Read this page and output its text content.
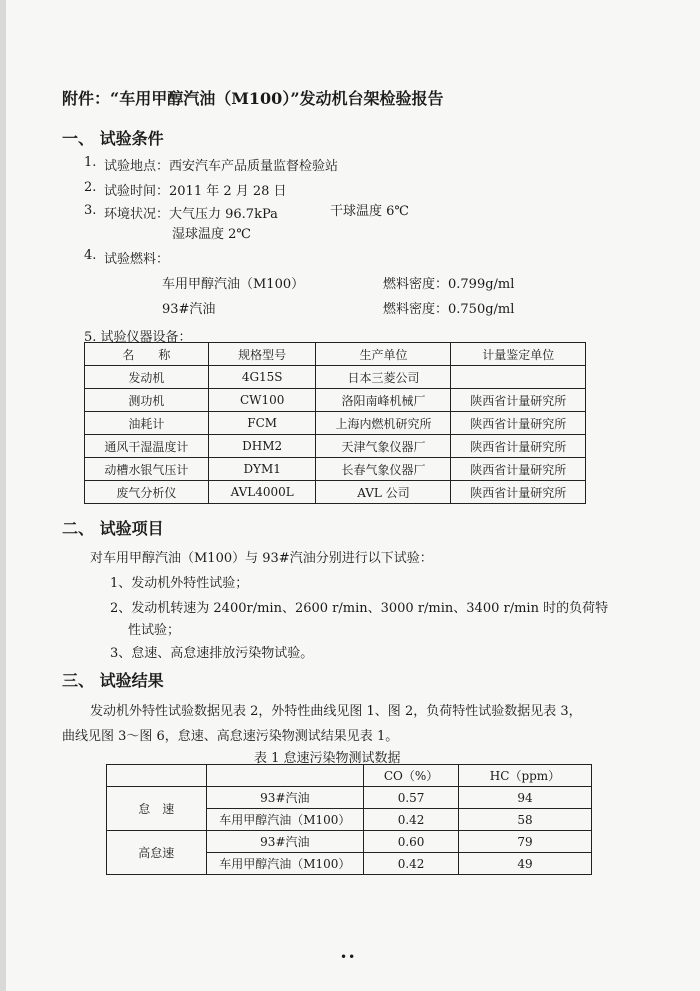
附件：“车用甲醇汽油（M100）”发动机台架检验报告
一、 试验条件
1. 试验地点：西安汽车产品质量监督检验站
2. 试验时间：2011 年 2 月 28 日
3. 环境状况：大气压力 96.7kPa	干球温度 6℃
湿球温度 2℃
4. 试验燃料：
车用甲醇汽油（M100）	燃料密度：0.799g/ml
93#汽油	燃料密度：0.750g/ml
5. 试验仪器设备：
名　　称	规格型号	生产单位	计量鉴定单位
发动机	4G15S	日本三菱公司	
测功机	CW100	洛阳南峰机械厂	陕西省计量研究所
油耗计	FCM	上海内燃机研究所	陕西省计量研究所
通风干湿温度计	DHM2	天津气象仪器厂	陕西省计量研究所
动槽水银气压计	DYM1	长春气象仪器厂	陕西省计量研究所
废气分析仪	AVL4000L	AVL 公司	陕西省计量研究所
二、 试验项目
对车用甲醇汽油（M100）与 93#汽油分别进行以下试验：
1、发动机外特性试验；
2、发动机转速为 2400r/min、2600 r/min、3000 r/min、3400 r/min 时的负荷特
性试验；
3、怠速、高怠速排放污染物试验。
三、 试验结果
发动机外特性试验数据见表 2，外特性曲线见图 1、图 2，负荷特性试验数据见表 3，
曲线见图 3～图 6，怠速、高怠速污染物测试结果见表 1。
表 1 怠速污染物测试数据
		CO（%）	HC（ppm）
怠　速	93#汽油	0.57	94
	车用甲醇汽油（M100）	0.42	58
高怠速	93#汽油	0.60	79
	车用甲醇汽油（M100）	0.42	49
••
